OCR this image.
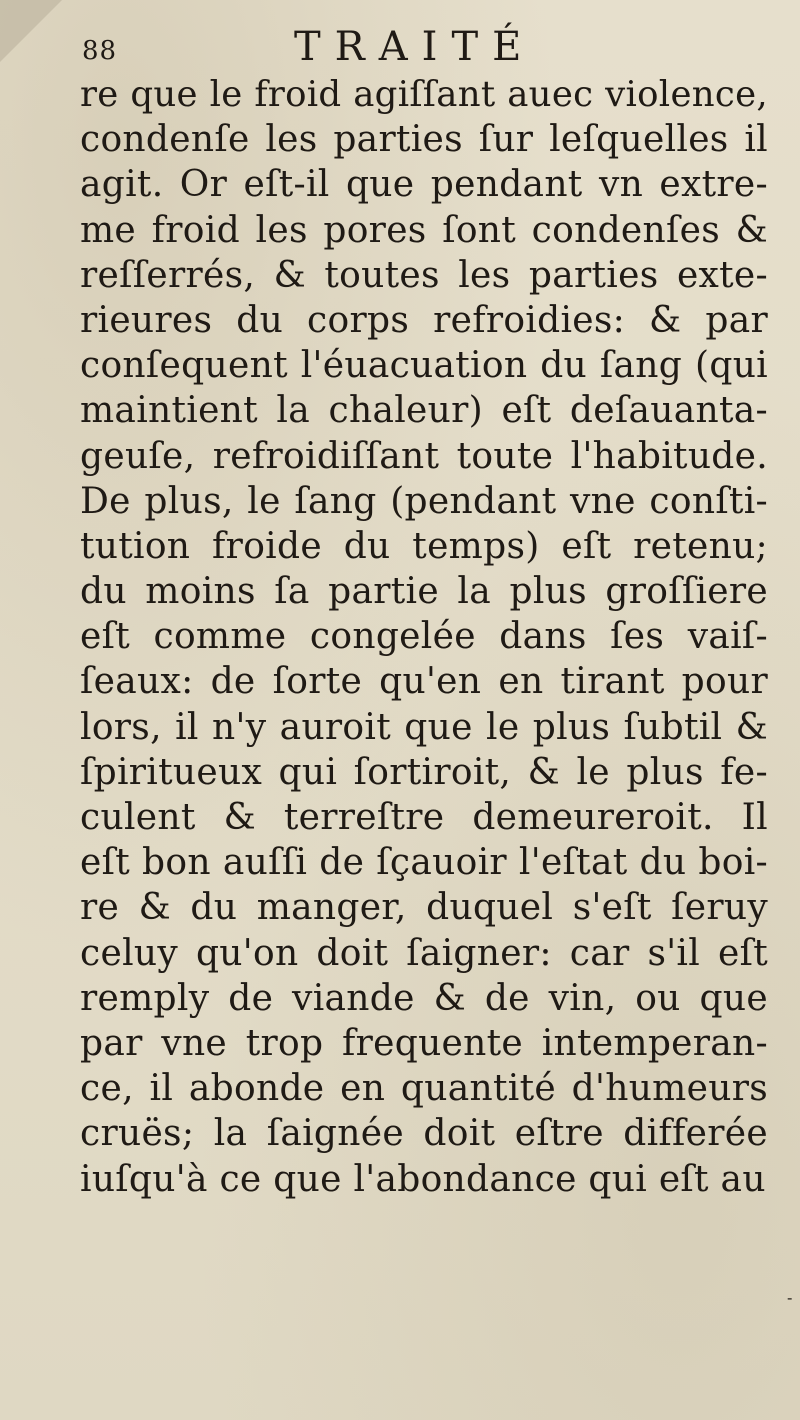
88	TRAITÉ
re que le froid agiſſant auec violence,
condenſe les parties ſur leſquelles il
agit. Or eſt-il que pendant vn extre-
me froid les pores ſont condenſes &
reſſerrés, & toutes les parties exte-
rieures du corps refroidies: & par
conſequent l'éuacuation du ſang (qui
maintient la chaleur) eſt deſauanta-
geuſe, refroidiſſant toute l'habitude.
De plus, le ſang (pendant vne conſti-
tution froide du temps) eſt retenu;
du moins ſa partie la plus groſſiere
eſt comme congelée dans ſes vaiſ-
ſeaux: de ſorte qu'en en tirant pour
lors, il n'y auroit que le plus ſubtil &
ſpiritueux qui ſortiroit, & le plus fe-
culent & terreſtre demeureroit. Il
eſt bon auſſi de ſçauoir l'eſtat du boi-
re & du manger, duquel s'eſt ſeruy
celuy qu'on doit ſaigner: car s'il eſt
remply de viande & de vin, ou que
par vne trop frequente intemperan-
ce, il abonde en quantité d'humeurs
cruës; la ſaignée doit eſtre differée
iuſqu'à ce que l'abondance qui eſt au
-
